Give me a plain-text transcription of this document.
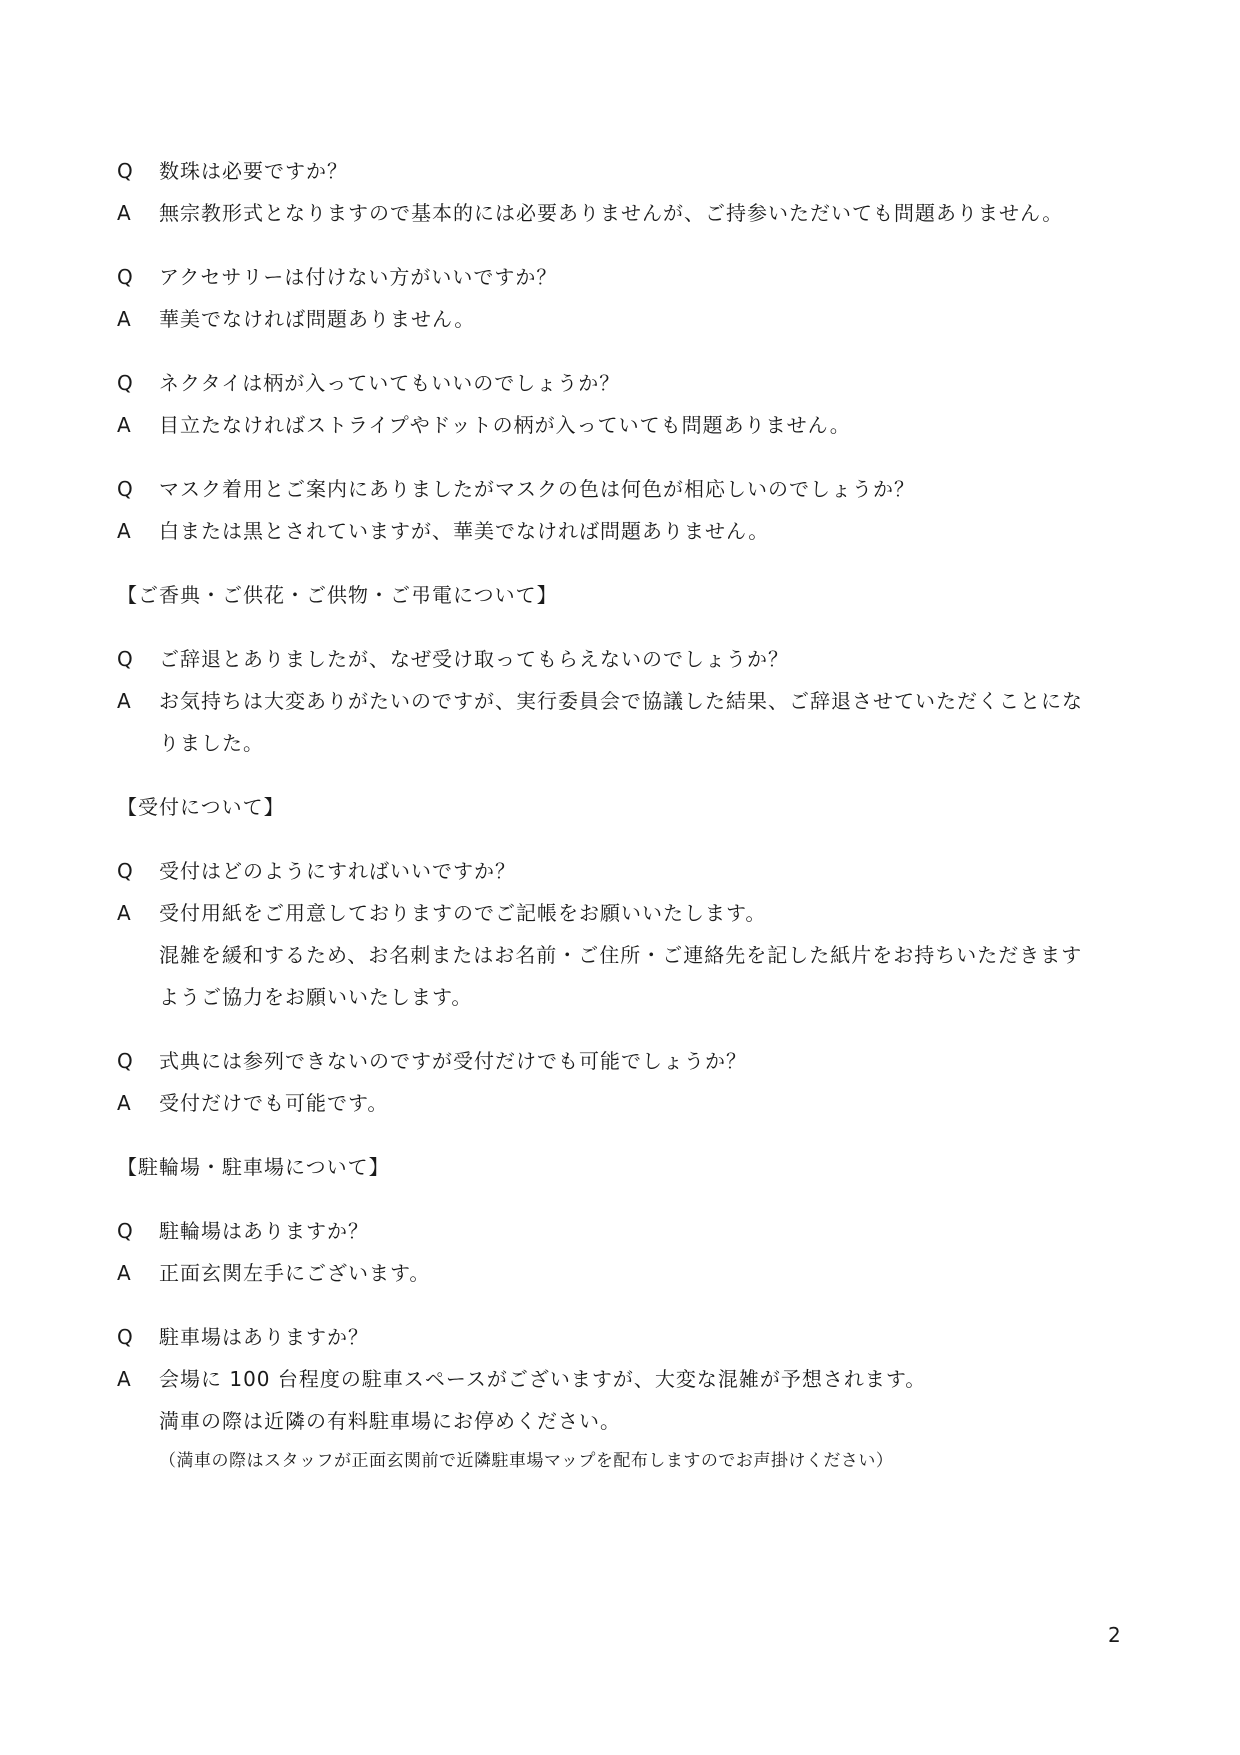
Q	数珠は必要ですか？
A	無宗教形式となりますので基本的には必要ありませんが、ご持参いただいても問題ありません。
Q	アクセサリーは付けない方がいいですか？
A	華美でなければ問題ありません。
Q	ネクタイは柄が入っていてもいいのでしょうか？
A	目立たなければストライプやドットの柄が入っていても問題ありません。
Q	マスク着用とご案内にありましたがマスクの色は何色が相応しいのでしょうか？
A	白または黒とされていますが、華美でなければ問題ありません。
【ご香典・ご供花・ご供物・ご弔電について】
Q	ご辞退とありましたが、なぜ受け取ってもらえないのでしょうか？
A	お気持ちは大変ありがたいのですが、実行委員会で協議した結果、ご辞退させていただくことにな
りました。
【受付について】
Q	受付はどのようにすればいいですか？
A	受付用紙をご用意しておりますのでご記帳をお願いいたします。
混雑を緩和するため、お名刺またはお名前・ご住所・ご連絡先を記した紙片をお持ちいただきます
ようご協力をお願いいたします。
Q	式典には参列できないのですが受付だけでも可能でしょうか？
A	受付だけでも可能です。
【駐輪場・駐車場について】
Q	駐輪場はありますか？
A	正面玄関左手にございます。
Q	駐車場はありますか？
A	会場に 100 台程度の駐車スペースがございますが、大変な混雑が予想されます。
満車の際は近隣の有料駐車場にお停めください。
（満車の際はスタッフが正面玄関前で近隣駐車場マップを配布しますのでお声掛けください）
2
